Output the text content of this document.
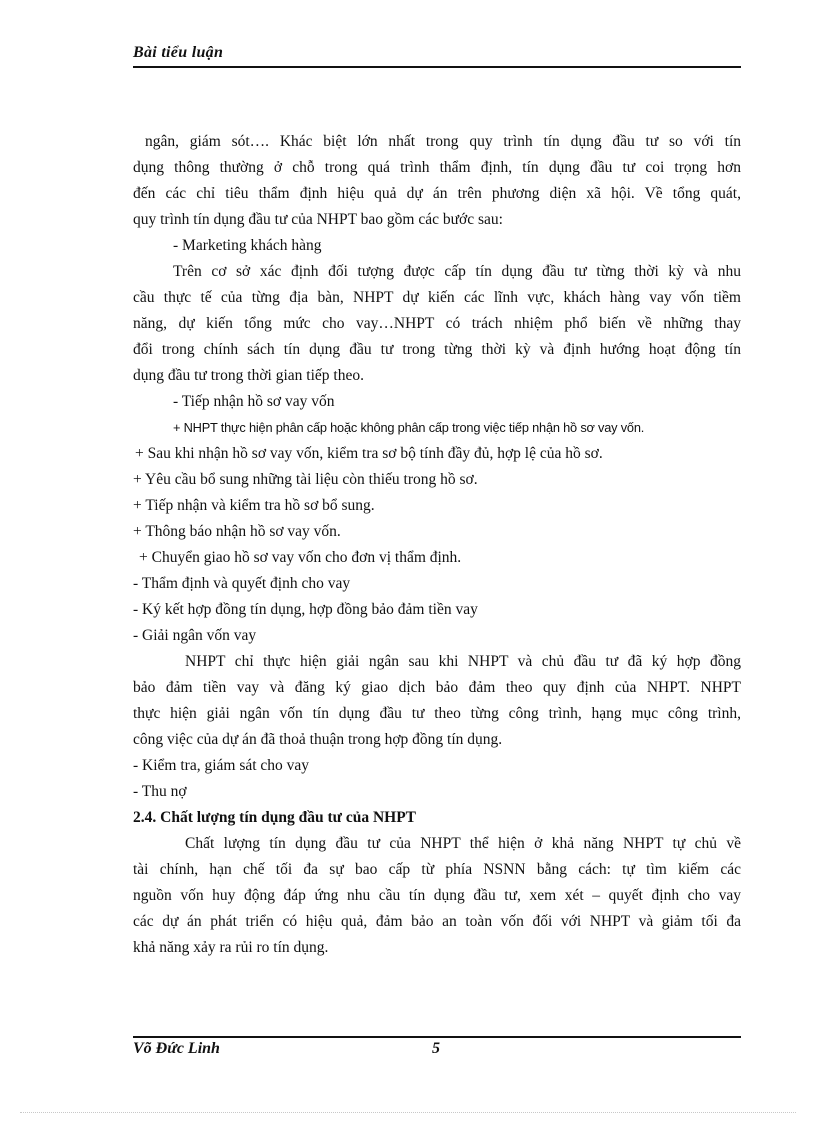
Bài tiểu luận
ngân, giám sót…. Khác biệt lớn nhất trong quy trình tín dụng đầu tư so với tín
dụng thông thường ở chỗ trong quá trình thẩm định, tín dụng đầu tư coi trọng hơn
đến các chỉ tiêu thẩm định hiệu quả dự án trên phương diện xã hội. Về tổng quát,
quy trình tín dụng đầu tư của NHPT bao gồm các bước sau:
- Marketing khách hàng
Trên cơ sở xác định đối tượng được cấp tín dụng đầu tư từng thời kỳ và nhu
cầu thực tế của từng địa bàn, NHPT dự kiến các lĩnh vực, khách hàng vay vốn tiềm
năng, dự kiến tổng mức cho vay…NHPT có trách nhiệm phổ biến về những thay
đổi trong chính sách tín dụng đầu tư trong từng thời kỳ và định hướng hoạt động tín
dụng đầu tư trong thời gian tiếp theo.
- Tiếp nhận hồ sơ vay vốn
+ NHPT thực hiện phân cấp hoặc không phân cấp trong việc tiếp nhận hồ sơ vay vốn.
+ Sau khi nhận hồ sơ vay vốn, kiểm tra sơ bộ tính đầy đủ, hợp lệ của hồ sơ.
+ Yêu cầu bổ sung những tài liệu còn thiếu trong hồ sơ.
+ Tiếp nhận và kiểm tra hồ sơ bổ sung.
+ Thông báo nhận hồ sơ vay vốn.
+ Chuyển giao hồ sơ vay vốn cho đơn vị thẩm định.
- Thẩm định và quyết định cho vay
- Ký kết hợp đồng tín dụng, hợp đồng bảo đảm tiền vay
- Giải ngân vốn vay
NHPT chỉ thực hiện giải ngân sau khi NHPT và chủ đầu tư đã ký hợp đồng
bảo đảm tiền vay và đăng ký giao dịch bảo đảm theo quy định của NHPT. NHPT
thực hiện giải ngân vốn tín dụng đầu tư theo từng công trình, hạng mục công trình,
công việc của dự án đã thoả thuận trong hợp đồng tín dụng.
- Kiểm tra, giám sát cho vay
- Thu nợ
2.4. Chất lượng tín dụng đầu tư của NHPT
Chất lượng tín dụng đầu tư của NHPT thể hiện ở khả năng NHPT tự chủ về
tài chính, hạn chế tối đa sự bao cấp từ phía NSNN bằng cách: tự tìm kiếm các
nguồn vốn huy động đáp ứng nhu cầu tín dụng đầu tư, xem xét – quyết định cho vay
các dự án phát triển có hiệu quả, đảm bảo an toàn vốn đối với NHPT và giảm tối đa
khả năng xảy ra rủi ro tín dụng.
Võ Đức Linh	5
